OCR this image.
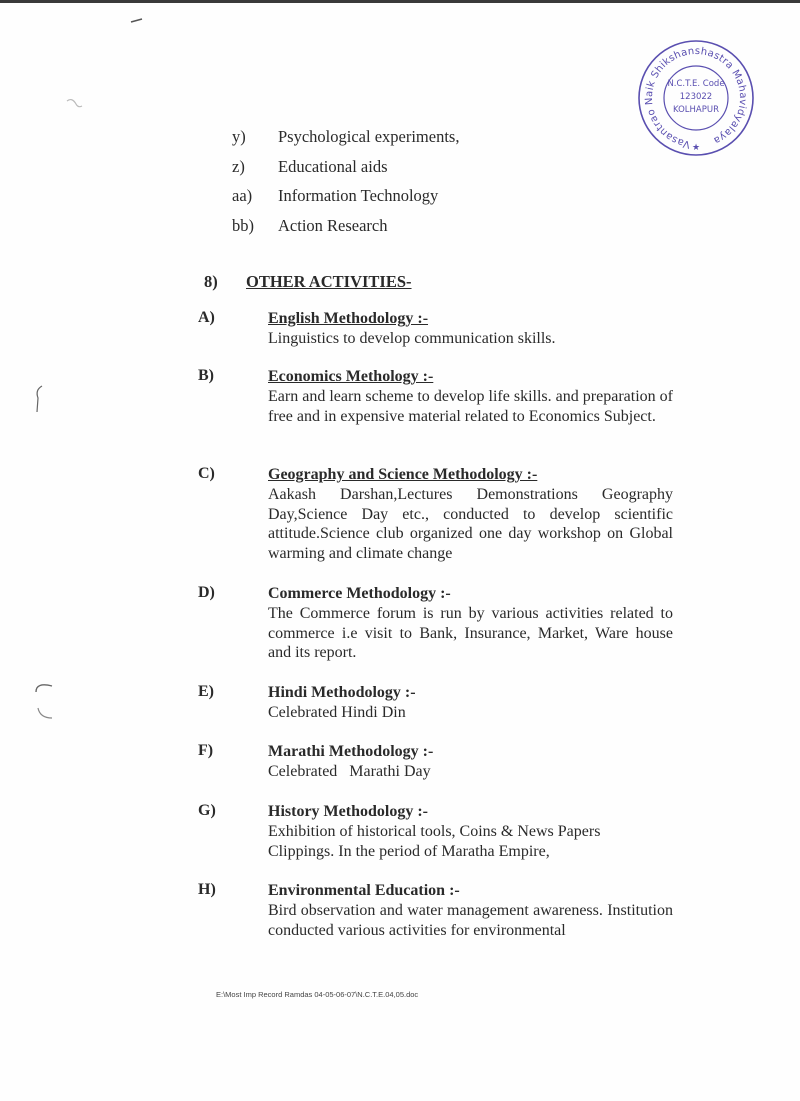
Vasantrao Naik Shikshanshastra Mahavidyalaya
N.C.T.E. Code
123022
KOLHAPUR
★
y)	Psychological experiments,
z)	Educational aids
aa)	Information Technology
bb)	Action Research
8)	OTHER ACTIVITIES-
A)	English Methodology :-

Linguistics to develop communication skills.

B)	Economics Methology :-

Earn and learn scheme to develop life skills. and preparation of free and in expensive material related to Economics Subject.

C)	Geography and Science Methodology :-

Aakash Darshan,Lectures Demonstrations Geography Day,Science Day etc., conducted to develop scientific attitude.Science club organized one day workshop on Global warming and climate change

D)	Commerce Methodology :-

The Commerce forum is run by various activities related to commerce i.e visit to Bank, Insurance, Market, Ware house and its report.

E)	Hindi Methodology :-

Celebrated Hindi Din

F)	Marathi Methodology :-

Celebrated   Marathi Day

G)	History Methodology :-

Exhibition of historical tools, Coins & News Papers

Clippings. In the period of Maratha Empire,

H)	Environmental Education :-

Bird observation and water management awareness. Institution conducted various activities for environmental

E:\Most Imp Record Ramdas 04-05-06-07\N.C.T.E.04,05.doc
